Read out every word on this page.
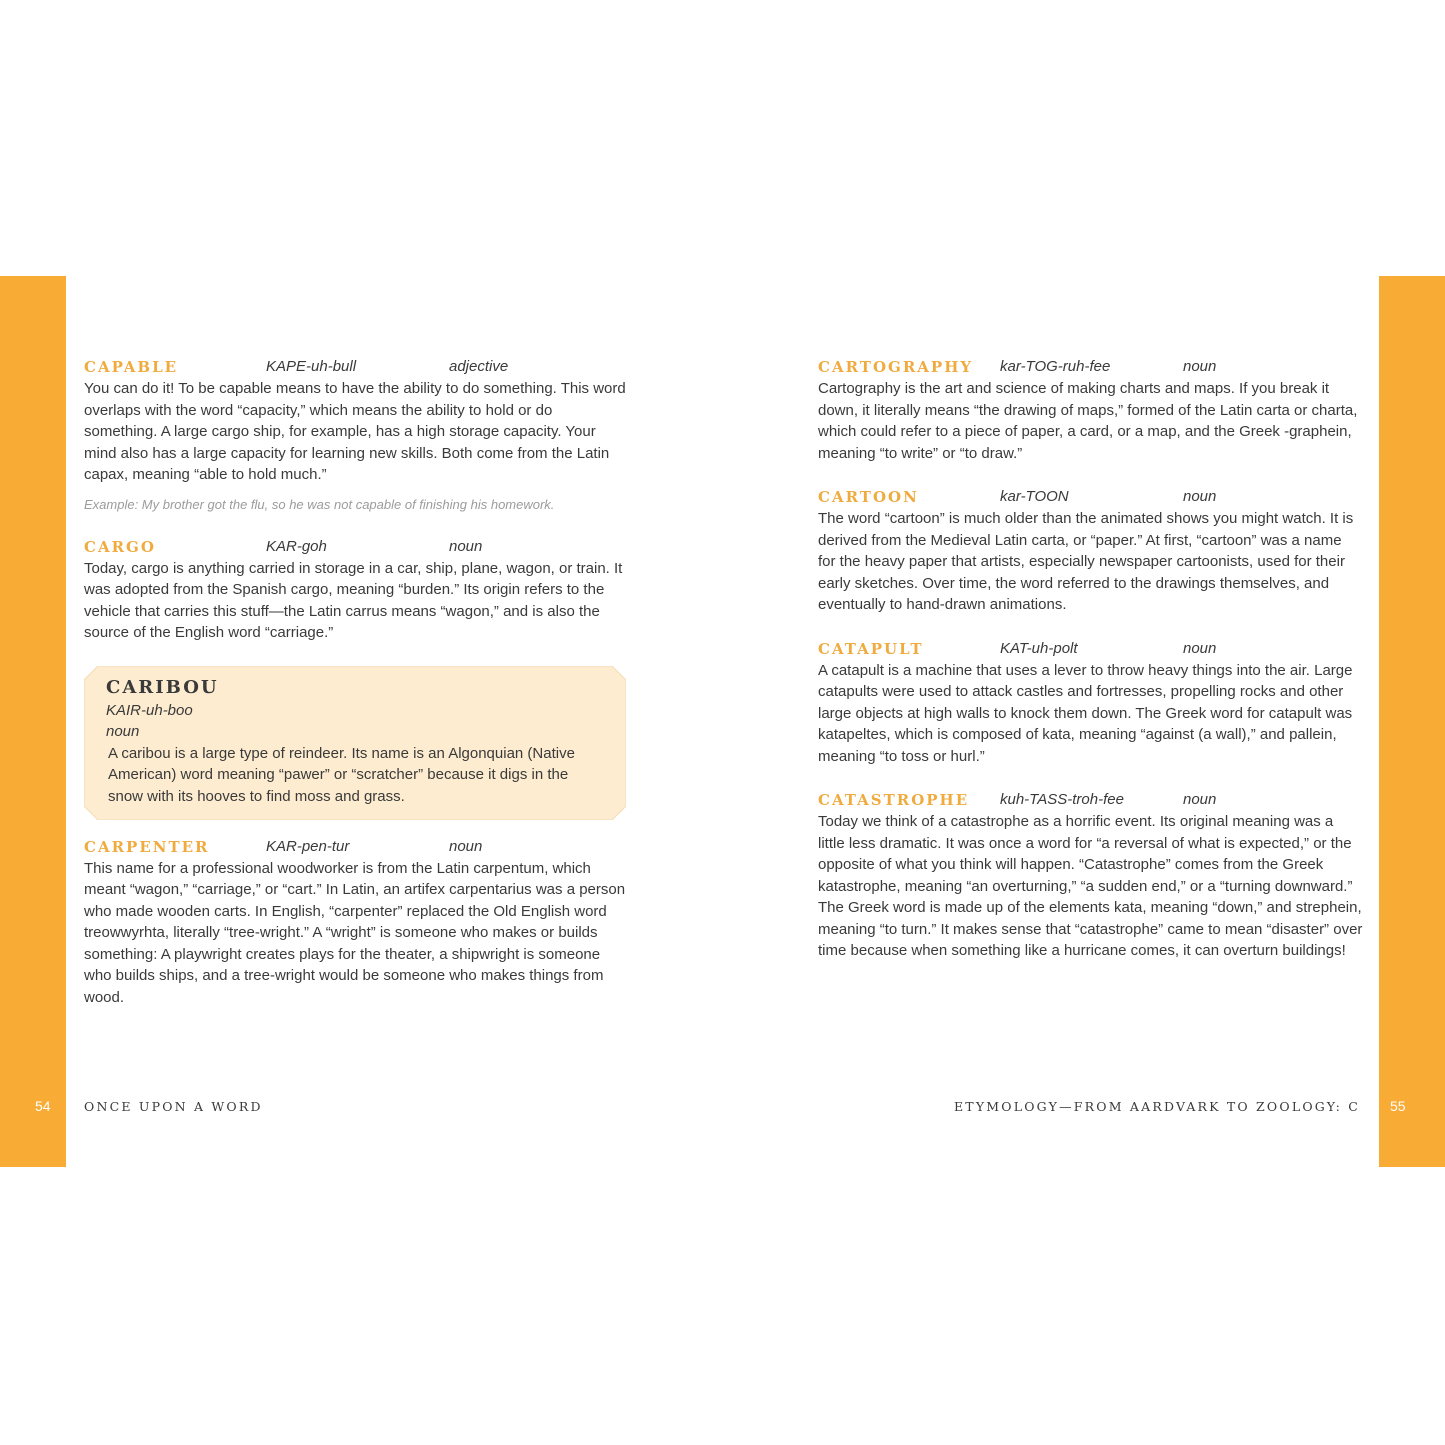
54	55
CAPABLE	KAPE-uh-bull	adjective

You can do it! To be capable means to have the ability to do something. This word overlaps with the word “capacity,” which means the ability to hold or do something. A large cargo ship, for example, has a high storage capacity. Your mind also has a large capacity for learning new skills. Both come from the Latin capax, meaning “able to hold much.”

Example: My brother got the flu, so he was not capable of finishing his homework.

CARGO	KAR-goh	noun

Today, cargo is anything carried in storage in a car, ship, plane, wagon, or train. It was adopted from the Spanish cargo, meaning “burden.” Its origin refers to the vehicle that carries this stuff—the Latin carrus means “wagon,” and is also the source of the English word “carriage.”

CARIBOU
KAIR-uh-boo
noun
A caribou is a large type of reindeer. Its name is an Algonquian (Native American) word meaning “pawer” or “scratcher” because it digs in the snow with its hooves to find moss and grass.
CARPENTER	KAR-pen-tur	noun

This name for a professional woodworker is from the Latin carpentum, which meant “wagon,” “carriage,” or “cart.” In Latin, an artifex carpentarius was a person who made wooden carts. In English, “carpenter” replaced the Old English word treowwyrhta, literally “tree-wright.” A “wright” is someone who makes or builds something: A playwright creates plays for the theater, a shipwright is someone who builds ships, and a tree-wright would be someone who makes things from wood.

CARTOGRAPHY kar-TOG-ruh-fee	noun

Cartography is the art and science of making charts and maps. If you break it down, it literally means “the drawing of maps,” formed of the Latin carta or charta, which could refer to a piece of paper, a card, or a map, and the Greek -graphein, meaning “to write” or “to draw.”

CARTOON	kar-TOON	noun

The word “cartoon” is much older than the animated shows you might watch. It is derived from the Medieval Latin carta, or “paper.” At first, “cartoon” was a name for the heavy paper that artists, especially newspaper cartoonists, used for their early sketches. Over time, the word referred to the drawings themselves, and eventually to hand-drawn animations.

CATAPULT	KAT-uh-polt	noun

A catapult is a machine that uses a lever to throw heavy things into the air. Large catapults were used to attack castles and fortresses, propelling rocks and other large objects at high walls to knock them down. The Greek word for catapult was katapeltes, which is composed of kata, meaning “against (a wall),” and pallein, meaning “to toss or hurl.”

CATASTROPHE kuh-TASS-troh-fee	noun

Today we think of a catastrophe as a horrific event. Its original meaning was a little less dramatic. It was once a word for “a reversal of what is expected,” or the opposite of what you think will happen. “Catastrophe” comes from the Greek katastrophe, meaning “an overturning,” “a sudden end,” or a “turning downward.” The Greek word is made up of the elements kata, meaning “down,” and strephein, meaning “to turn.” It makes sense that “catastrophe” came to mean “disaster” over time because when something like a hurricane comes, it can overturn buildings!

ONCE UPON A WORD	ETYMOLOGY—FROM AARDVARK TO ZOOLOGY: C
